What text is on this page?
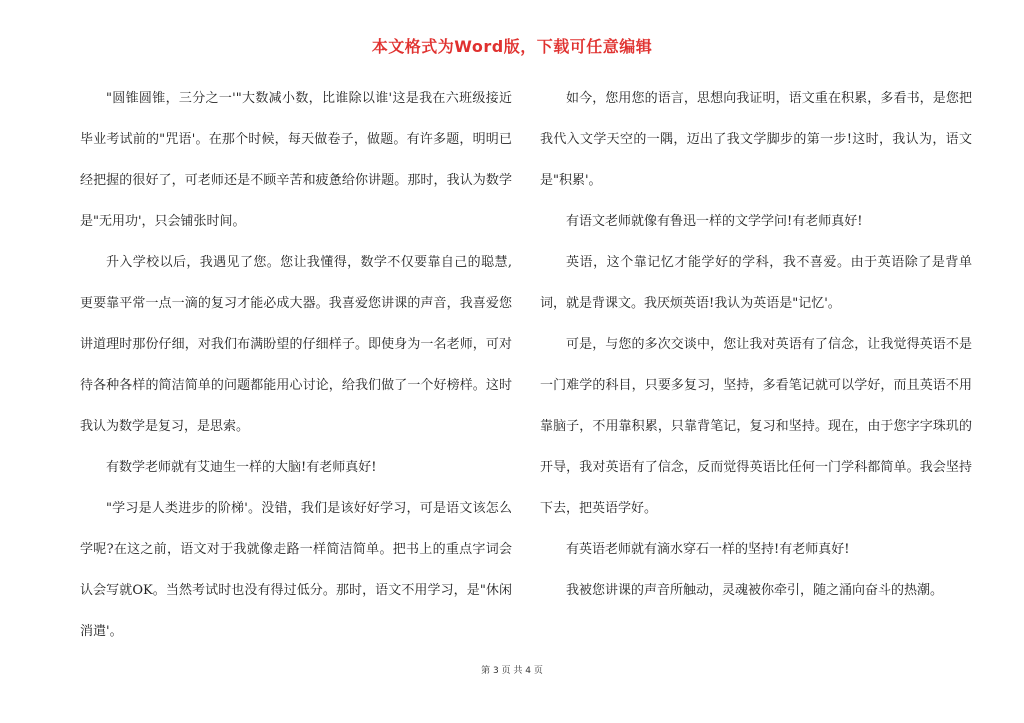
本文格式为Word版，下载可任意编辑

"圆锥圆锥，三分之一'"大数减小数，比谁除以谁'这是我在六班级接近毕业考试前的"咒语'。在那个时候，每天做卷子，做题。有许多题，明明已经把握的很好了，可老师还是不顾辛苦和疲惫给你讲题。那时，我认为数学是"无用功'，只会铺张时间。

升入学校以后，我遇见了您。您让我懂得，数学不仅要靠自己的聪慧,更要靠平常一点一滴的复习才能必成大器。我喜爱您讲课的声音，我喜爱您讲道理时那份仔细，对我们布满盼望的仔细样子。即使身为一名老师，可对待各种各样的简洁简单的问题都能用心讨论，给我们做了一个好榜样。这时我认为数学是复习，是思索。

有数学老师就有艾迪生一样的大脑!有老师真好!

"学习是人类进步的阶梯'。没错，我们是该好好学习，可是语文该怎么学呢?在这之前，语文对于我就像走路一样简洁简单。把书上的重点字词会认会写就OK。当然考试时也没有得过低分。那时，语文不用学习，是"休闲消遣'。

如今，您用您的语言，思想向我证明，语文重在积累，多看书，是您把我代入文学天空的一隅，迈出了我文学脚步的第一步!这时，我认为，语文是"积累'。

有语文老师就像有鲁迅一样的文学学问!有老师真好!

英语，这个靠记忆才能学好的学科，我不喜爱。由于英语除了是背单词，就是背课文。我厌烦英语!我认为英语是"记忆'。

可是，与您的多次交谈中，您让我对英语有了信念，让我觉得英语不是一门难学的科目，只要多复习，坚持，多看笔记就可以学好，而且英语不用靠脑子，不用靠积累，只靠背笔记，复习和坚持。现在，由于您字字珠玑的开导，我对英语有了信念，反而觉得英语比任何一门学科都简单。我会坚持下去，把英语学好。

有英语老师就有滴水穿石一样的坚持!有老师真好!

我被您讲课的声音所触动，灵魂被你牵引，随之涌向奋斗的热潮。

第 3 页 共 4 页
